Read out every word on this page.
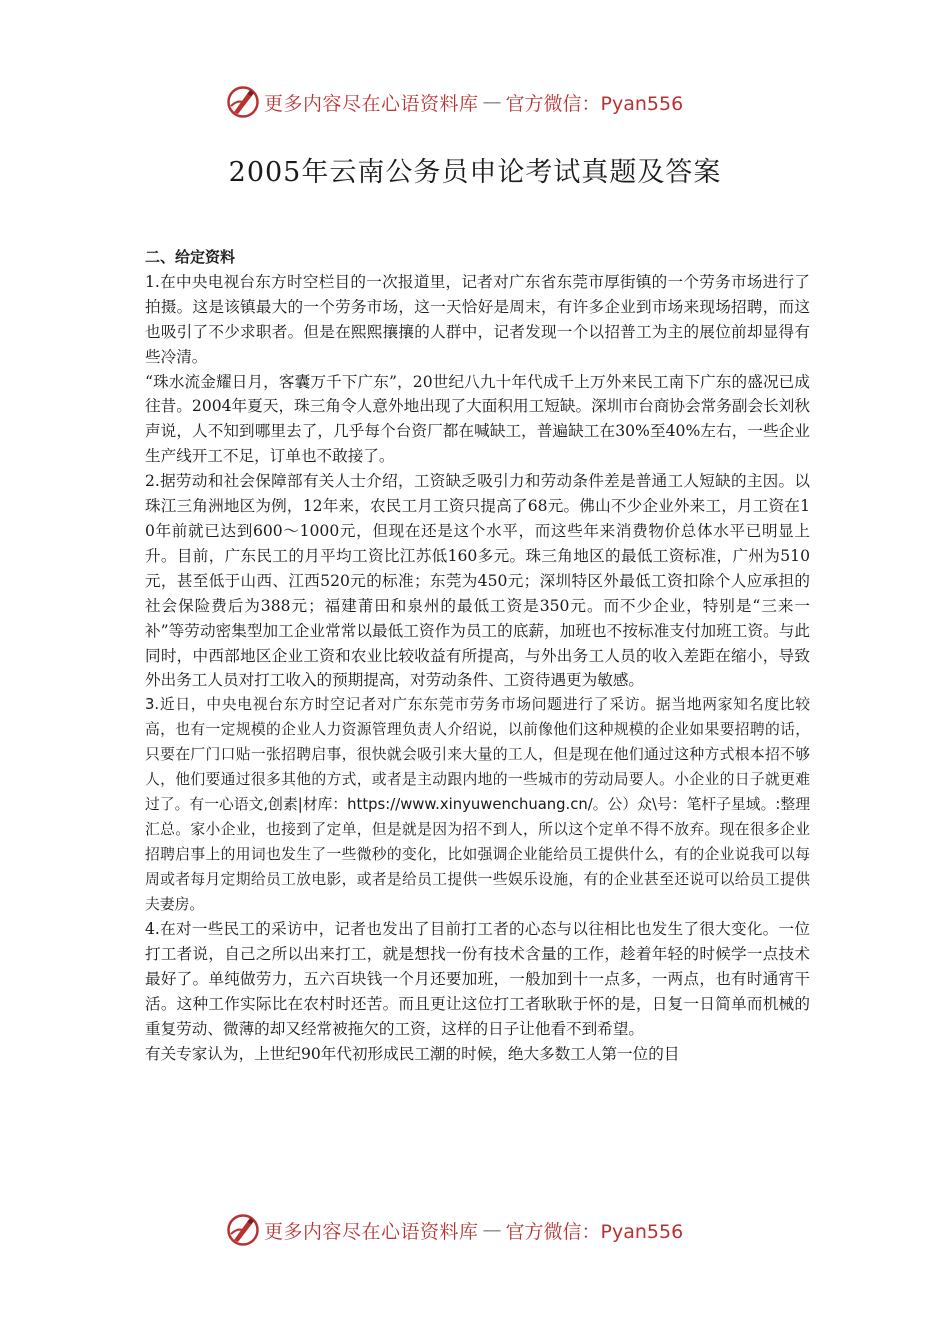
更多内容尽在心语资料库 — 官方微信：Pyan556
2005年云南公务员申论考试真题及答案

二、给定资料

1.在中央电视台东方时空栏目的一次报道里，记者对广东省东莞市厚街镇的一个劳务市场进行了拍摄。这是该镇最大的一个劳务市场，这一天恰好是周末，有许多企业到市场来现场招聘，而这也吸引了不少求职者。但是在熙熙攘攘的人群中，记者发现一个以招普工为主的展位前却显得有些冷清。

“珠水流金耀日月，客囊万千下广东”，20世纪八九十年代成千上万外来民工南下广东的盛况已成往昔。2004年夏天，珠三角令人意外地出现了大面积用工短缺。深圳市台商协会常务副会长刘秋声说，人不知到哪里去了，几乎每个台资厂都在喊缺工，普遍缺工在30%至40%左右，一些企业生产线开工不足，订单也不敢接了。

2.据劳动和社会保障部有关人士介绍，工资缺乏吸引力和劳动条件差是普通工人短缺的主因。以珠江三角洲地区为例，12年来，农民工月工资只提高了68元。佛山不少企业外来工，月工资在10年前就已达到600～1000元，但现在还是这个水平，而这些年来消费物价总体水平已明显上升。目前，广东民工的月平均工资比江苏低160多元。珠三角地区的最低工资标准，广州为510元，甚至低于山西、江西520元的标准；东莞为450元；深圳特区外最低工资扣除个人应承担的社会保险费后为388元；福建莆田和泉州的最低工资是350元。而不少企业，特别是“三来一补”等劳动密集型加工企业常常以最低工资作为员工的底薪，加班也不按标准支付加班工资。与此同时，中西部地区企业工资和农业比较收益有所提高，与外出务工人员的收入差距在缩小，导致外出务工人员对打工收入的预期提高，对劳动条件、工资待遇更为敏感。

3.近日，中央电视台东方时空记者对广东东莞市劳务市场问题进行了采访。据当地两家知名度比较高，也有一定规模的企业人力资源管理负责人介绍说，以前像他们这种规模的企业如果要招聘的话，只要在厂门口贴一张招聘启事，很快就会吸引来大量的工人，但是现在他们通过这种方式根本招不够人，他们要通过很多其他的方式，或者是主动跟内地的一些城市的劳动局要人。小企业的日子就更难过了。有一心语文,创素|材库：https://www.xinyuwenchuang.cn/。公）众\号：笔杆子星域。:整理汇总。家小企业，也接到了定单，但是就是因为招不到人，所以这个定单不得不放弃。现在很多企业招聘启事上的用词也发生了一些微秒的变化，比如强调企业能给员工提供什么，有的企业说我可以每周或者每月定期给员工放电影，或者是给员工提供一些娱乐设施，有的企业甚至还说可以给员工提供夫妻房。

4.在对一些民工的采访中，记者也发出了目前打工者的心态与以往相比也发生了很大变化。一位打工者说，自己之所以出来打工，就是想找一份有技术含量的工作，趁着年轻的时候学一点技术最好了。单纯做劳力，五六百块钱一个月还要加班，一般加到十一点多，一两点，也有时通宵干活。这种工作实际比在农村时还苦。而且更让这位打工者耿耿于怀的是，日复一日简单而机械的重复劳动、微薄的却又经常被拖欠的工资，这样的日子让他看不到希望。

有关专家认为，上世纪90年代初形成民工潮的时候，绝大多数工人第一位的目

更多内容尽在心语资料库 — 官方微信：Pyan556
